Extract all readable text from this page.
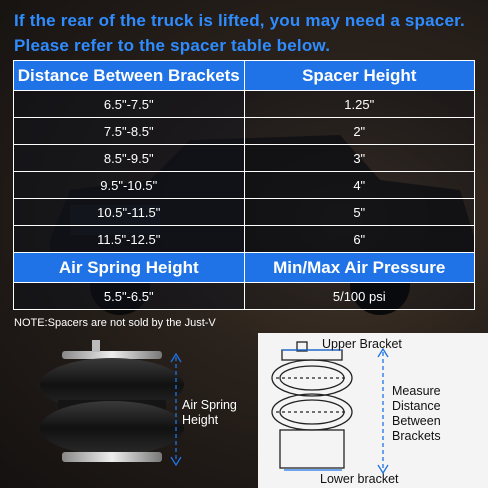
If the rear of the truck is lifted, you may need a spacer.
Please refer to the spacer table below.
Distance Between Brackets	Spacer Height
6.5"-7.5"	1.25"
7.5"-8.5"	2"
8.5"-9.5"	3"
9.5"-10.5"	4"
10.5"-11.5"	5"
11.5"-12.5"	6"
Air Spring Height	Min/Max Air Pressure
5.5"-6.5"	5/100 psi
NOTE:Spacers are not sold by the Just-V
Air Spring
Height
Upper Bracket
Lower bracket
Measure
Distance
Between
Brackets
